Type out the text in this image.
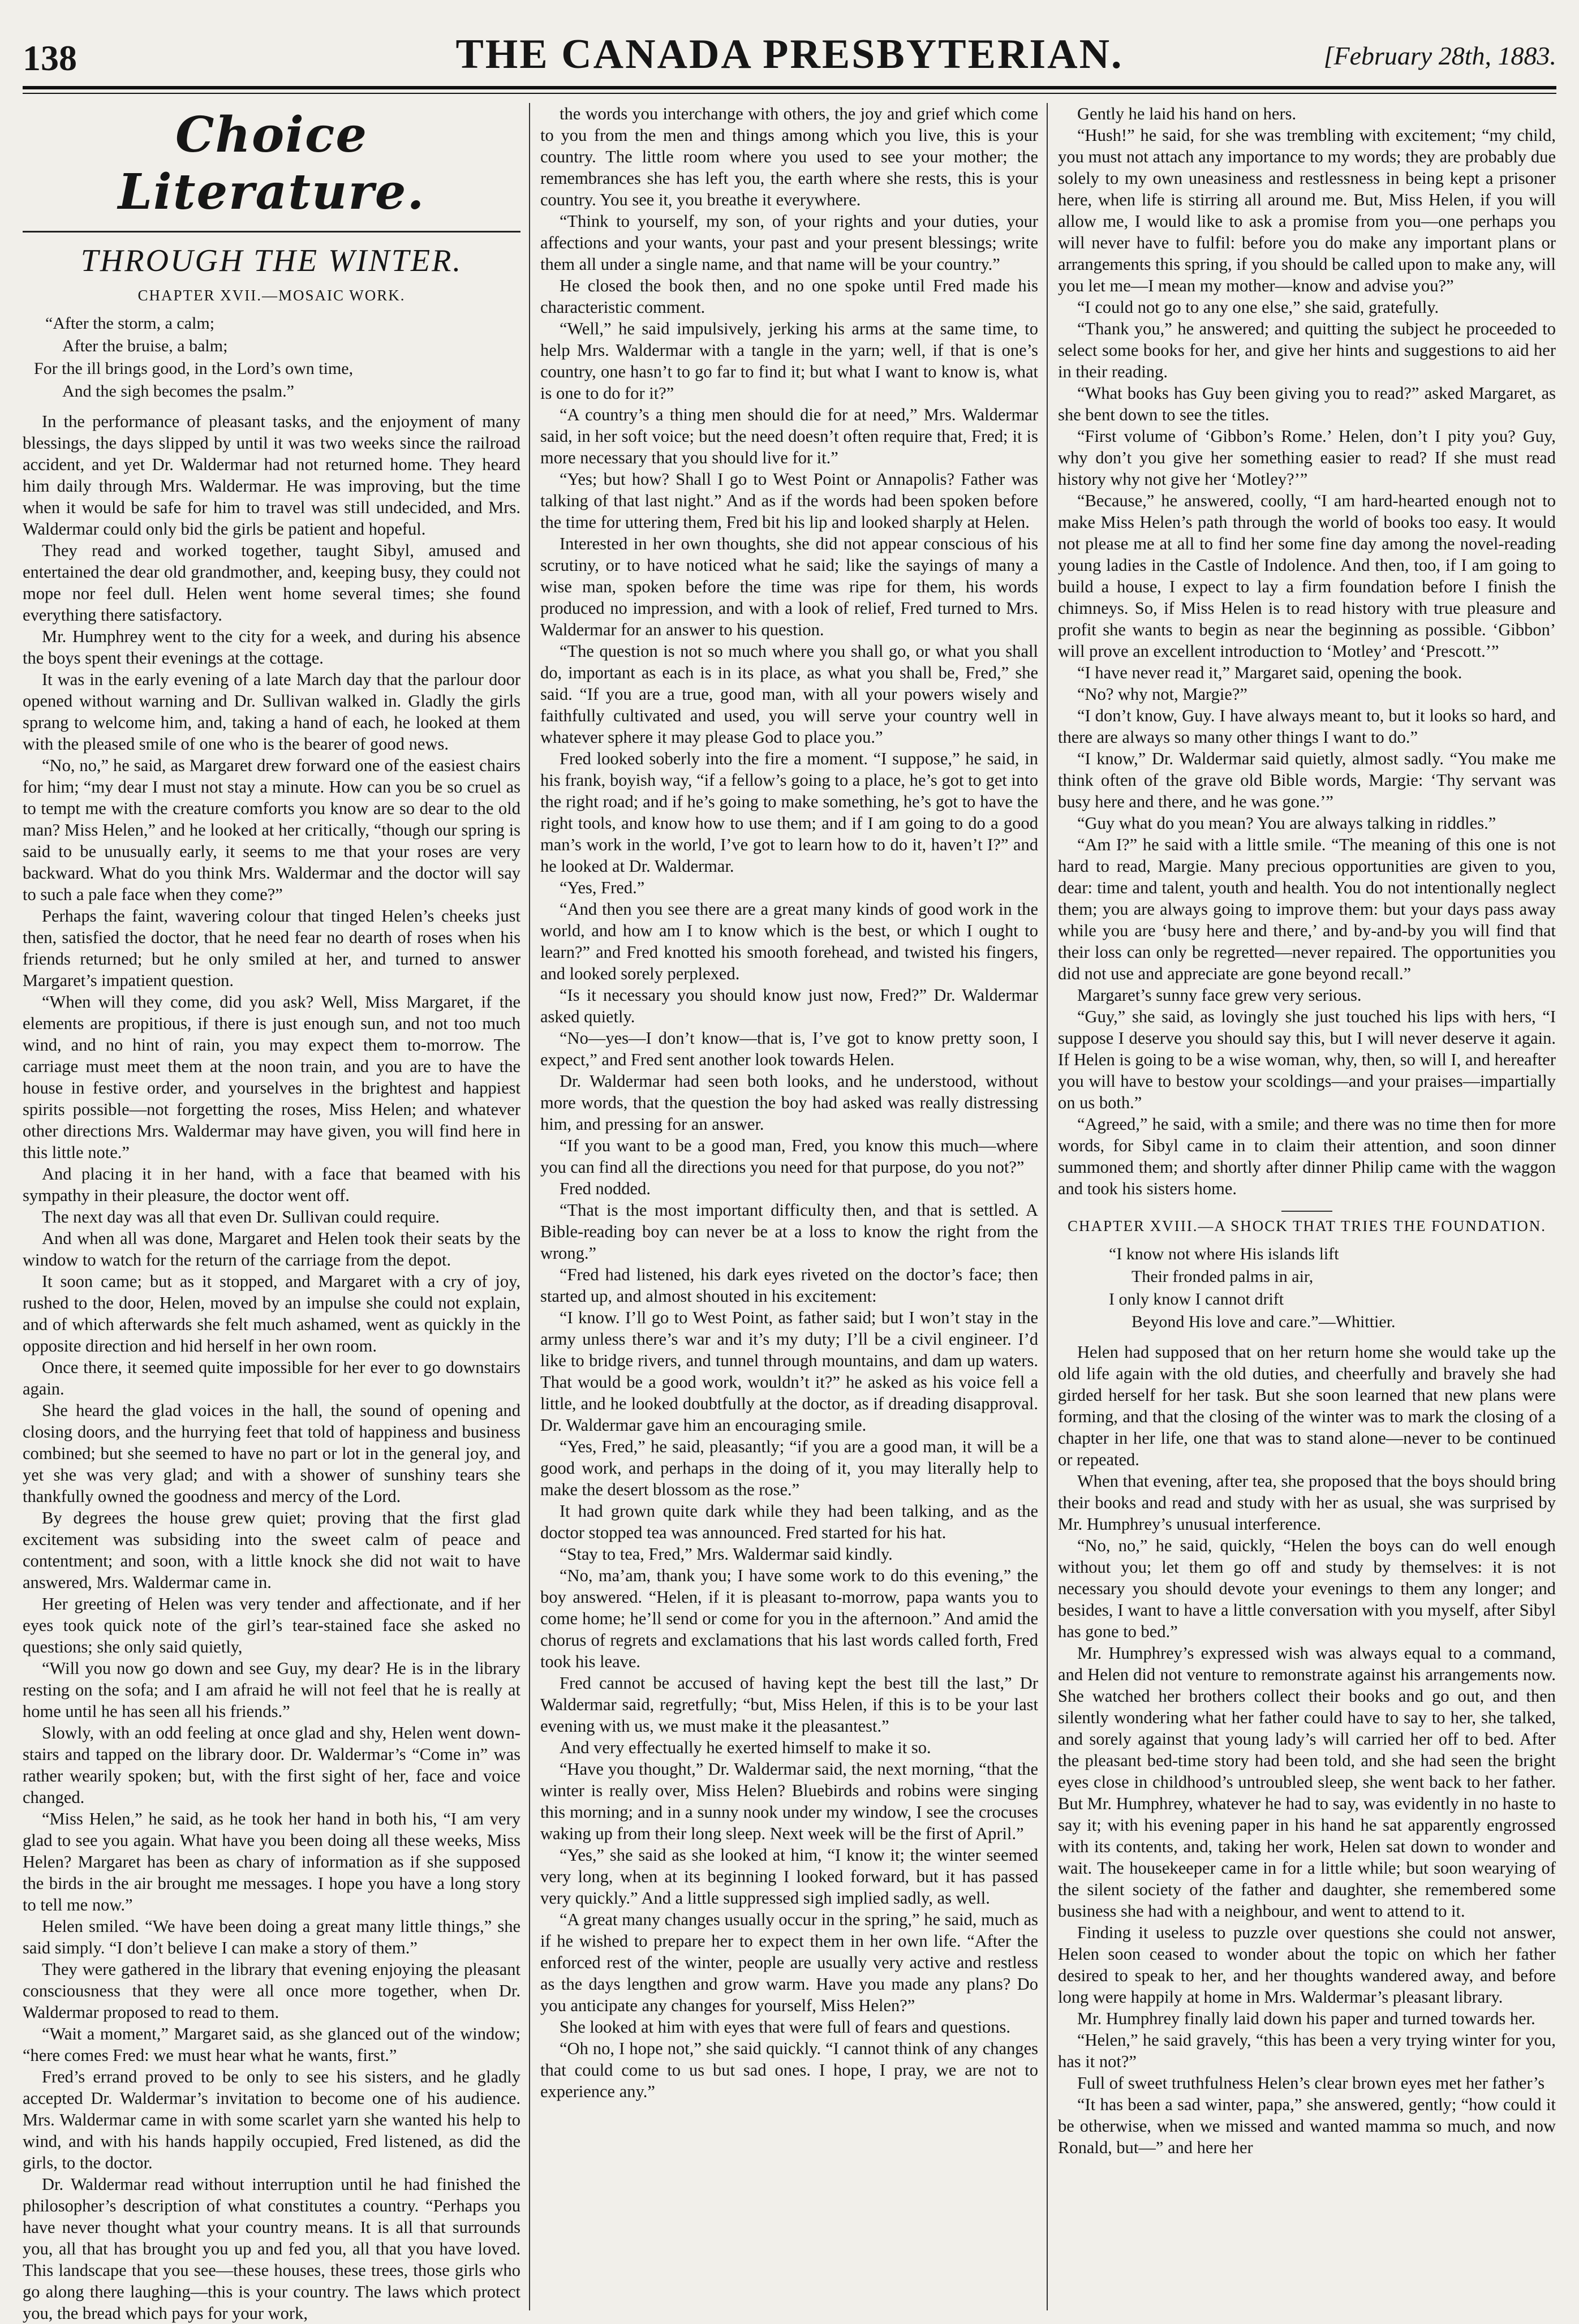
138	THE CANADA PRESBYTERIAN.	[February 28th, 1883.
Choice Literature.
THROUGH THE WINTER.
CHAPTER XVII.—MOSAIC WORK.
“After the storm, a calm;
After the bruise, a balm;
For the ill brings good, in the Lord’s own time,
And the sigh becomes the psalm.”

In the performance of pleasant tasks, and the enjoyment of many blessings, the days slipped by until it was two weeks since the railroad accident, and yet Dr. Waldermar had not returned home. They heard him daily through Mrs. Waldermar. He was improving, but the time when it would be safe for him to travel was still undecided, and Mrs. Waldermar could only bid the girls be patient and hopeful.

They read and worked together, taught Sibyl, amused and entertained the dear old grandmother, and, keeping busy, they could not mope nor feel dull. Helen went home several times; she found everything there satisfactory.

Mr. Humphrey went to the city for a week, and during his absence the boys spent their evenings at the cottage.

It was in the early evening of a late March day that the parlour door opened without warning and Dr. Sullivan walked in. Gladly the girls sprang to welcome him, and, taking a hand of each, he looked at them with the pleased smile of one who is the bearer of good news.

“No, no,” he said, as Margaret drew forward one of the easiest chairs for him; “my dear I must not stay a minute. How can you be so cruel as to tempt me with the creature comforts you know are so dear to the old man? Miss Helen,” and he looked at her critically, “though our spring is said to be unusually early, it seems to me that your roses are very backward. What do you think Mrs. Waldermar and the doctor will say to such a pale face when they come?”

Perhaps the faint, wavering colour that tinged Helen’s cheeks just then, satisfied the doctor, that he need fear no dearth of roses when his friends returned; but he only smiled at her, and turned to answer Margaret’s impatient question.

“When will they come, did you ask? Well, Miss Margaret, if the elements are propitious, if there is just enough sun, and not too much wind, and no hint of rain, you may expect them to-morrow. The carriage must meet them at the noon train, and you are to have the house in festive order, and yourselves in the brightest and happiest spirits possible—not forgetting the roses, Miss Helen; and whatever other directions Mrs. Waldermar may have given, you will find here in this little note.”

And placing it in her hand, with a face that beamed with his sympathy in their pleasure, the doctor went off.

The next day was all that even Dr. Sullivan could require.

And when all was done, Margaret and Helen took their seats by the window to watch for the return of the carriage from the depot.

It soon came; but as it stopped, and Margaret with a cry of joy, rushed to the door, Helen, moved by an impulse she could not explain, and of which afterwards she felt much ashamed, went as quickly in the opposite direction and hid herself in her own room.

Once there, it seemed quite impossible for her ever to go downstairs again.

She heard the glad voices in the hall, the sound of opening and closing doors, and the hurrying feet that told of happiness and business combined; but she seemed to have no part or lot in the general joy, and yet she was very glad; and with a shower of sunshiny tears she thankfully owned the goodness and mercy of the Lord.

By degrees the house grew quiet; proving that the first glad excitement was subsiding into the sweet calm of peace and contentment; and soon, with a little knock she did not wait to have answered, Mrs. Waldermar came in.

Her greeting of Helen was very tender and affectionate, and if her eyes took quick note of the girl’s tear-stained face she asked no questions; she only said quietly,

“Will you now go down and see Guy, my dear? He is in the library resting on the sofa; and I am afraid he will not feel that he is really at home until he has seen all his friends.”

Slowly, with an odd feeling at once glad and shy, Helen went down-stairs and tapped on the library door. Dr. Waldermar’s “Come in” was rather wearily spoken; but, with the first sight of her, face and voice changed.

“Miss Helen,” he said, as he took her hand in both his, “I am very glad to see you again. What have you been doing all these weeks, Miss Helen? Margaret has been as chary of information as if she supposed the birds in the air brought me messages. I hope you have a long story to tell me now.”

Helen smiled. “We have been doing a great many little things,” she said simply. “I don’t believe I can make a story of them.”

They were gathered in the library that evening enjoying the pleasant consciousness that they were all once more together, when Dr. Waldermar proposed to read to them.

“Wait a moment,” Margaret said, as she glanced out of the window; “here comes Fred: we must hear what he wants, first.”

Fred’s errand proved to be only to see his sisters, and he gladly accepted Dr. Waldermar’s invitation to become one of his audience. Mrs. Waldermar came in with some scarlet yarn she wanted his help to wind, and with his hands happily occupied, Fred listened, as did the girls, to the doctor.

Dr. Waldermar read without interruption until he had finished the philosopher’s description of what constitutes a country. “Perhaps you have never thought what your country means. It is all that surrounds you, all that has brought you up and fed you, all that you have loved. This landscape that you see—these houses, these trees, those girls who go along there laughing—this is your country. The laws which protect you, the bread which pays for your work,

the words you interchange with others, the joy and grief which come to you from the men and things among which you live, this is your country. The little room where you used to see your mother; the remembrances she has left you, the earth where she rests, this is your country. You see it, you breathe it everywhere.

“Think to yourself, my son, of your rights and your duties, your affections and your wants, your past and your present blessings; write them all under a single name, and that name will be your country.”

He closed the book then, and no one spoke until Fred made his characteristic comment.

“Well,” he said impulsively, jerking his arms at the same time, to help Mrs. Waldermar with a tangle in the yarn; well, if that is one’s country, one hasn’t to go far to find it; but what I want to know is, what is one to do for it?”

“A country’s a thing men should die for at need,” Mrs. Waldermar said, in her soft voice; but the need doesn’t often require that, Fred; it is more necessary that you should live for it.”

“Yes; but how? Shall I go to West Point or Annapolis? Father was talking of that last night.” And as if the words had been spoken before the time for uttering them, Fred bit his lip and looked sharply at Helen.

Interested in her own thoughts, she did not appear conscious of his scrutiny, or to have noticed what he said; like the sayings of many a wise man, spoken before the time was ripe for them, his words produced no impression, and with a look of relief, Fred turned to Mrs. Waldermar for an answer to his question.

“The question is not so much where you shall go, or what you shall do, important as each is in its place, as what you shall be, Fred,” she said. “If you are a true, good man, with all your powers wisely and faithfully cultivated and used, you will serve your country well in whatever sphere it may please God to place you.”

Fred looked soberly into the fire a moment. “I suppose,” he said, in his frank, boyish way, “if a fellow’s going to a place, he’s got to get into the right road; and if he’s going to make something, he’s got to have the right tools, and know how to use them; and if I am going to do a good man’s work in the world, I’ve got to learn how to do it, haven’t I?” and he looked at Dr. Waldermar.

“Yes, Fred.”

“And then you see there are a great many kinds of good work in the world, and how am I to know which is the best, or which I ought to learn?” and Fred knotted his smooth forehead, and twisted his fingers, and looked sorely perplexed.

“Is it necessary you should know just now, Fred?” Dr. Waldermar asked quietly.

“No—yes—I don’t know—that is, I’ve got to know pretty soon, I expect,” and Fred sent another look towards Helen.

Dr. Waldermar had seen both looks, and he understood, without more words, that the question the boy had asked was really distressing him, and pressing for an answer.

“If you want to be a good man, Fred, you know this much—where you can find all the directions you need for that purpose, do you not?”

Fred nodded.

“That is the most important difficulty then, and that is settled. A Bible-reading boy can never be at a loss to know the right from the wrong.”

“Fred had listened, his dark eyes riveted on the doctor’s face; then started up, and almost shouted in his excitement:

“I know. I’ll go to West Point, as father said; but I won’t stay in the army unless there’s war and it’s my duty; I’ll be a civil engineer. I’d like to bridge rivers, and tunnel through mountains, and dam up waters. That would be a good work, wouldn’t it?” he asked as his voice fell a little, and he looked doubtfully at the doctor, as if dreading disapproval. Dr. Waldermar gave him an encouraging smile.

“Yes, Fred,” he said, pleasantly; “if you are a good man, it will be a good work, and perhaps in the doing of it, you may literally help to make the desert blossom as the rose.”

It had grown quite dark while they had been talking, and as the doctor stopped tea was announced. Fred started for his hat.

“Stay to tea, Fred,” Mrs. Waldermar said kindly.

“No, ma’am, thank you; I have some work to do this evening,” the boy answered. “Helen, if it is pleasant to-morrow, papa wants you to come home; he’ll send or come for you in the afternoon.” And amid the chorus of regrets and exclamations that his last words called forth, Fred took his leave.

Fred cannot be accused of having kept the best till the last,” Dr Waldermar said, regretfully; “but, Miss Helen, if this is to be your last evening with us, we must make it the pleasantest.”

And very effectually he exerted himself to make it so.

“Have you thought,” Dr. Waldermar said, the next morning, “that the winter is really over, Miss Helen? Bluebirds and robins were singing this morning; and in a sunny nook under my window, I see the crocuses waking up from their long sleep. Next week will be the first of April.”

“Yes,” she said as she looked at him, “I know it; the winter seemed very long, when at its beginning I looked forward, but it has passed very quickly.” And a little suppressed sigh implied sadly, as well.

“A great many changes usually occur in the spring,” he said, much as if he wished to prepare her to expect them in her own life. “After the enforced rest of the winter, people are usually very active and restless as the days lengthen and grow warm. Have you made any plans? Do you anticipate any changes for yourself, Miss Helen?”

She looked at him with eyes that were full of fears and questions.

“Oh no, I hope not,” she said quickly. “I cannot think of any changes that could come to us but sad ones. I hope, I pray, we are not to experience any.”

Gently he laid his hand on hers.

“Hush!” he said, for she was trembling with excitement; “my child, you must not attach any importance to my words; they are probably due solely to my own uneasiness and restlessness in being kept a prisoner here, when life is stirring all around me. But, Miss Helen, if you will allow me, I would like to ask a promise from you—one perhaps you will never have to fulfil: before you do make any important plans or arrangements this spring, if you should be called upon to make any, will you let me—I mean my mother—know and advise you?”

“I could not go to any one else,” she said, gratefully.

“Thank you,” he answered; and quitting the subject he proceeded to select some books for her, and give her hints and suggestions to aid her in their reading.

“What books has Guy been giving you to read?” asked Margaret, as she bent down to see the titles.

“First volume of ‘Gibbon’s Rome.’ Helen, don’t I pity you? Guy, why don’t you give her something easier to read? If she must read history why not give her ‘Motley?’”

“Because,” he answered, coolly, “I am hard-hearted enough not to make Miss Helen’s path through the world of books too easy. It would not please me at all to find her some fine day among the novel-reading young ladies in the Castle of Indolence. And then, too, if I am going to build a house, I expect to lay a firm foundation before I finish the chimneys. So, if Miss Helen is to read history with true pleasure and profit she wants to begin as near the beginning as possible. ‘Gibbon’ will prove an excellent introduction to ‘Motley’ and ‘Prescott.’”

“I have never read it,” Margaret said, opening the book.

“No? why not, Margie?”

“I don’t know, Guy. I have always meant to, but it looks so hard, and there are always so many other things I want to do.”

“I know,” Dr. Waldermar said quietly, almost sadly. “You make me think often of the grave old Bible words, Margie: ‘Thy servant was busy here and there, and he was gone.’”

“Guy what do you mean? You are always talking in riddles.”

“Am I?” he said with a little smile. “The meaning of this one is not hard to read, Margie. Many precious opportunities are given to you, dear: time and talent, youth and health. You do not intentionally neglect them; you are always going to improve them: but your days pass away while you are ‘busy here and there,’ and by-and-by you will find that their loss can only be regretted—never repaired. The opportunities you did not use and appreciate are gone beyond recall.”

Margaret’s sunny face grew very serious.

“Guy,” she said, as lovingly she just touched his lips with hers, “I suppose I deserve you should say this, but I will never deserve it again. If Helen is going to be a wise woman, why, then, so will I, and hereafter you will have to bestow your scoldings—and your praises—impartially on us both.”

“Agreed,” he said, with a smile; and there was no time then for more words, for Sibyl came in to claim their attention, and soon dinner summoned them; and shortly after dinner Philip came with the waggon and took his sisters home.

CHAPTER XVIII.—A SHOCK THAT TRIES THE FOUNDATION.
“I know not where His islands lift
Their fronded palms in air,
I only know I cannot drift
Beyond His love and care.”—Whittier.

Helen had supposed that on her return home she would take up the old life again with the old duties, and cheerfully and bravely she had girded herself for her task. But she soon learned that new plans were forming, and that the closing of the winter was to mark the closing of a chapter in her life, one that was to stand alone—never to be continued or repeated.

When that evening, after tea, she proposed that the boys should bring their books and read and study with her as usual, she was surprised by Mr. Humphrey’s unusual interference.

“No, no,” he said, quickly, “Helen the boys can do well enough without you; let them go off and study by themselves: it is not necessary you should devote your evenings to them any longer; and besides, I want to have a little conversation with you myself, after Sibyl has gone to bed.”

Mr. Humphrey’s expressed wish was always equal to a command, and Helen did not venture to remonstrate against his arrangements now. She watched her brothers collect their books and go out, and then silently wondering what her father could have to say to her, she talked, and sorely against that young lady’s will carried her off to bed. After the pleasant bed-time story had been told, and she had seen the bright eyes close in childhood’s untroubled sleep, she went back to her father. But Mr. Humphrey, whatever he had to say, was evidently in no haste to say it; with his evening paper in his hand he sat apparently engrossed with its contents, and, taking her work, Helen sat down to wonder and wait. The housekeeper came in for a little while; but soon wearying of the silent society of the father and daughter, she remembered some business she had with a neighbour, and went to attend to it.

Finding it useless to puzzle over questions she could not answer, Helen soon ceased to wonder about the topic on which her father desired to speak to her, and her thoughts wandered away, and before long were happily at home in Mrs. Waldermar’s pleasant library.

Mr. Humphrey finally laid down his paper and turned towards her.

“Helen,” he said gravely, “this has been a very trying winter for you, has it not?”

Full of sweet truthfulness Helen’s clear brown eyes met her father’s

“It has been a sad winter, papa,” she answered, gently; “how could it be otherwise, when we missed and wanted mamma so much, and now Ronald, but—” and here her
